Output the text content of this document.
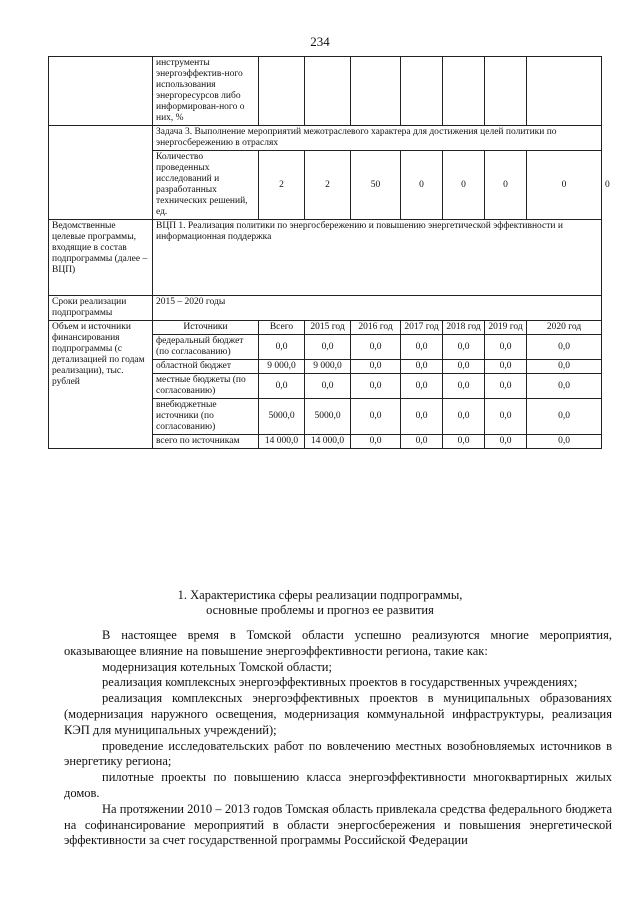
234
	инструменты энергоэффектив-ного использования энергоресурсов либо информирован-ного о них, %								
	Задача 3. Выполнение мероприятий межотраслевого характера для достижения целей политики по энергосбережению в отраслях								
	Количество проведенных исследований и разработанных технических решений, ед.	2	2	50	0	0	0	0	0
Ведомственные целевые программы, входящие в состав подпрограммы (далее – ВЦП)	ВЦП 1. Реализация политики по энергосбережению и повышению энергетической эффективности и информационная поддержка								
Сроки реализации подпрограммы	2015 – 2020 годы								
Объем и источники финансирования подпрограммы (с детализацией по годам реализации), тыс. рублей	Источники	Всего	2015 год	2016 год	2017 год	2018 год	2019 год	2020 год	
	федеральный бюджет (по согласованию)	0,0	0,0	0,0	0,0	0,0	0,0	0,0	
	областной бюджет	9 000,0	9 000,0	0,0	0,0	0,0	0,0	0,0	
	местные бюджеты (по согласованию)	0,0	0,0	0,0	0,0	0,0	0,0	0,0	
	внебюджетные источники (по согласованию)	5000,0	5000,0	0,0	0,0	0,0	0,0	0,0	
	всего по источникам	14 000,0	14 000,0	0,0	0,0	0,0	0,0	0,0	
1. Характеристика сферы реализации подпрограммы,
основные проблемы и прогноз ее развития

В настоящее время в Томской области успешно реализуются многие мероприятия, оказывающее влияние на повышение энергоэффективности региона, такие как:

модернизация котельных Томской области;

реализация комплексных энергоэффективных проектов в государственных учреждениях;

реализация комплексных энергоэффективных проектов в муниципальных образованиях (модернизация наружного освещения, модернизация коммунальной инфраструктуры, реализация КЭП для муниципальных учреждений);

проведение исследовательских работ по вовлечению местных возобновляемых источников в энергетику региона;

пилотные проекты по повышению класса энергоэффективности многоквартирных жилых домов.

На протяжении 2010 – 2013 годов Томская область привлекала средства федерального бюджета на софинансирование мероприятий в области энергосбережения и повышения энергетической эффективности за счет государственной программы Российской Федерации
